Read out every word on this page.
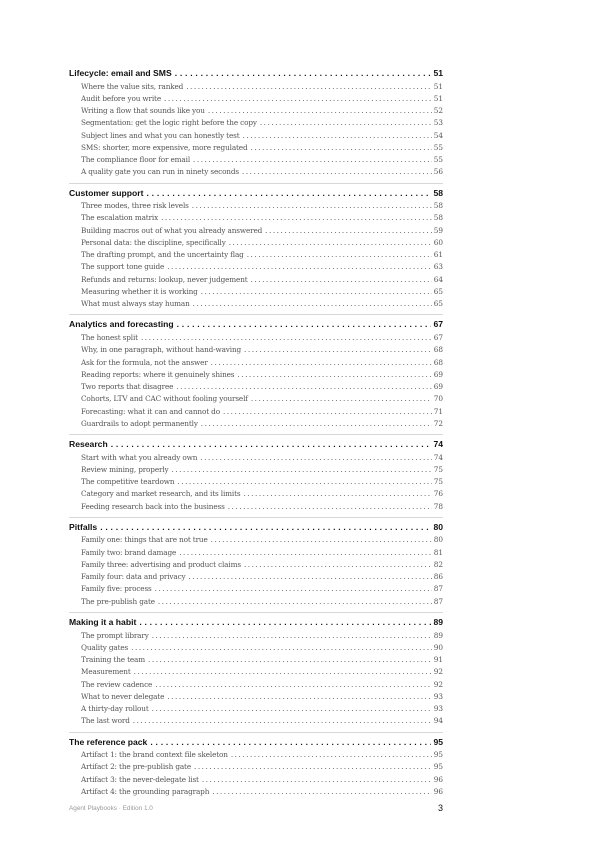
Lifecycle: email and SMS . . .	51
Where the value sits, ranked . . .	51
Audit before you write . . .	51
Writing a flow that sounds like you . . .	52
Segmentation: get the logic right before the copy . . .	53
Subject lines and what you can honestly test . . .	54
SMS: shorter, more expensive, more regulated . . .	55
The compliance floor for email . . .	55
A quality gate you can run in ninety seconds . . .	56
Customer support . . .	58
Three modes, three risk levels . . .	58
The escalation matrix . . .	58
Building macros out of what you already answered . . .	59
Personal data: the discipline, specifically . . .	60
The drafting prompt, and the uncertainty flag . . .	61
The support tone guide . . .	63
Refunds and returns: lookup, never judgement . . .	64
Measuring whether it is working . . .	65
What must always stay human . . .	65
Analytics and forecasting . . .	67
The honest split . . .	67
Why, in one paragraph, without hand-waving . . .	68
Ask for the formula, not the answer . . .	68
Reading reports: where it genuinely shines . . .	69
Two reports that disagree . . .	69
Cohorts, LTV and CAC without fooling yourself . . .	70
Forecasting: what it can and cannot do . . .	71
Guardrails to adopt permanently . . .	72
Research . . .	74
Start with what you already own . . .	74
Review mining, properly . . .	75
The competitive teardown . . .	75
Category and market research, and its limits . . .	76
Feeding research back into the business . . .	78
Pitfalls . . .	80
Family one: things that are not true . . .	80
Family two: brand damage . . .	81
Family three: advertising and product claims . . .	82
Family four: data and privacy . . .	86
Family five: process . . .	87
The pre-publish gate . . .	87
Making it a habit . . .	89
The prompt library . . .	89
Quality gates . . .	90
Training the team . . .	91
Measurement . . .	92
The review cadence . . .	92
What to never delegate . . .	93
A thirty-day rollout . . .	93
The last word . . .	94
The reference pack . . .	95
Artifact 1: the brand context file skeleton . . .	95
Artifact 2: the pre-publish gate . . .	95
Artifact 3: the never-delegate list . . .	96
Artifact 4: the grounding paragraph . . .	96
Agent Playbooks · Edition 1.0	3
